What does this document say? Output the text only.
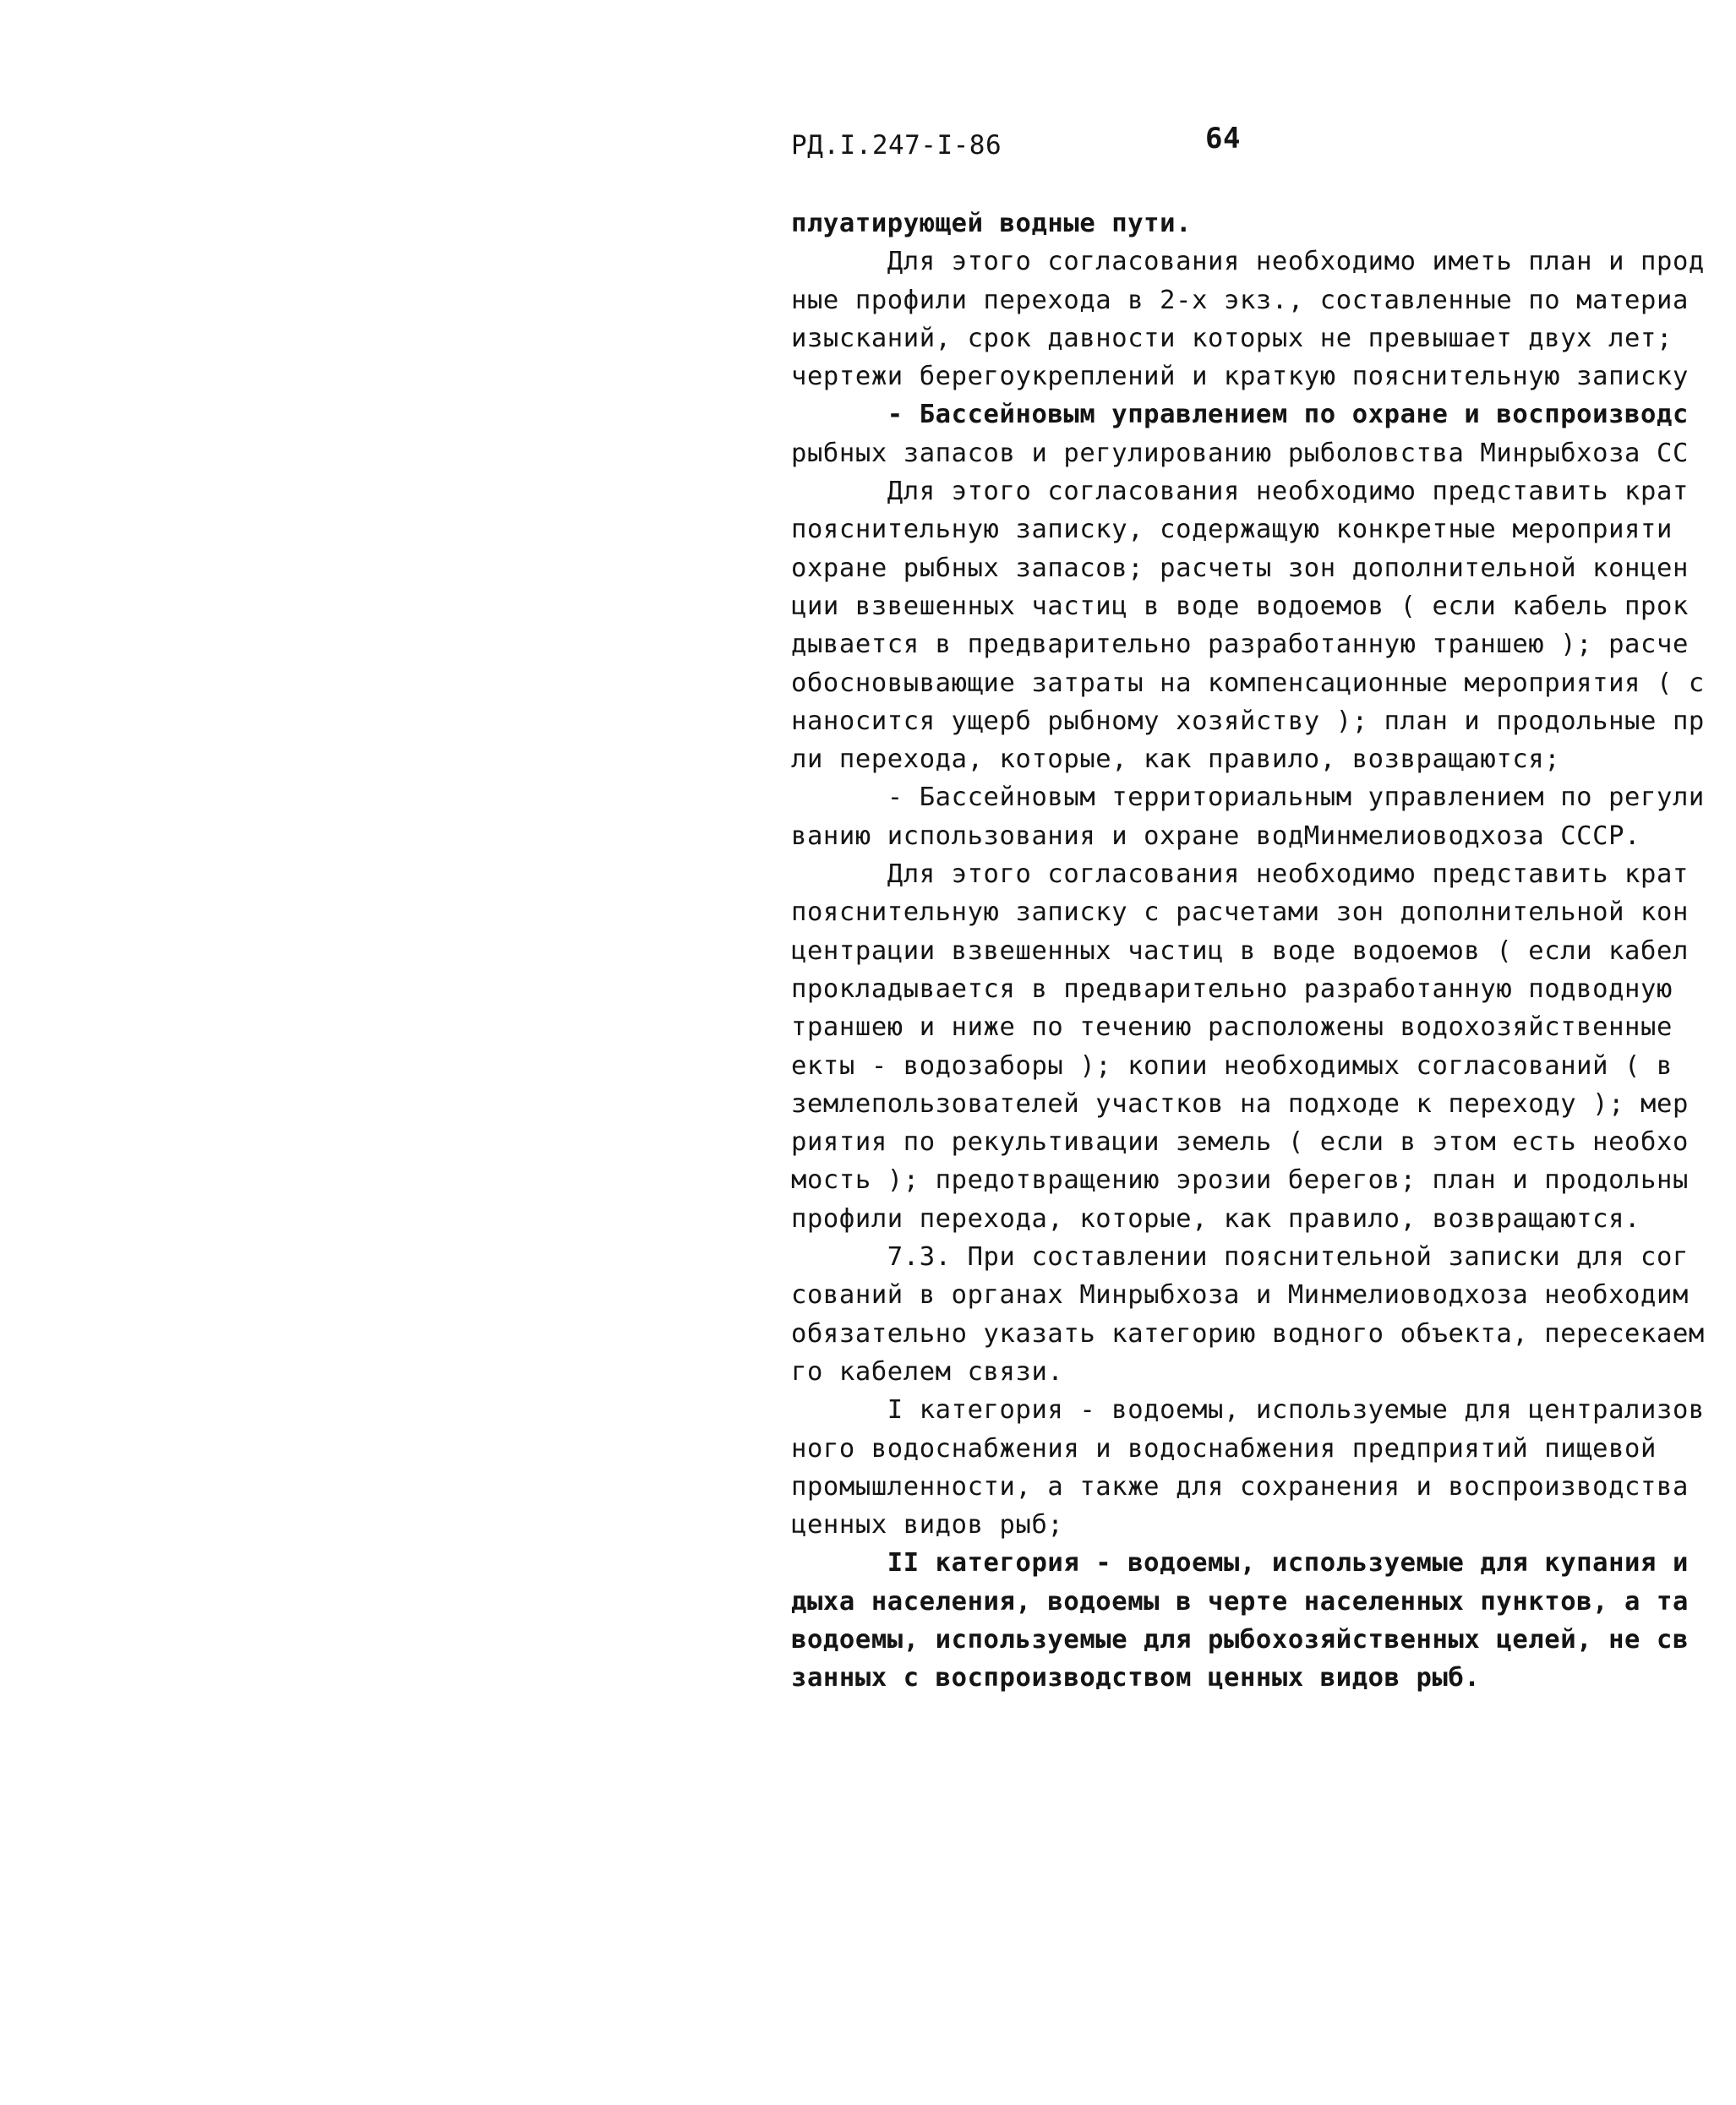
РД.I.247-I-86	64
плуатирующей водные пути.
Для этого согласования необходимо иметь план и прод
ные профили перехода в 2-х экз., составленные по материа
изысканий, срок давности которых не превышает двух лет;
чертежи берегоукреплений и краткую пояснительную записку
- Бассейновым управлением по охране и воспроизводс
рыбных запасов и регулированию рыболовства Минрыбхоза СС
Для этого согласования необходимо представить крат
пояснительную записку, содержащую конкретные мероприяти
охране рыбных запасов; расчеты зон дополнительной концен
ции взвешенных частиц в воде водоемов ( если кабель прок
дывается в предварительно разработанную траншею ); расче
обосновывающие затраты на компенсационные мероприятия ( с
наносится ущерб рыбному хозяйству ); план и продольные пр
ли перехода, которые, как правило, возвращаются;
- Бассейновым территориальным управлением по регули
ванию использования и охране водМинмелиоводхоза СССР.
Для этого согласования необходимо представить крат
пояснительную записку с расчетами зон дополнительной кон
центрации взвешенных частиц в воде водоемов ( если кабел
прокладывается в предварительно разработанную подводную
траншею и ниже по течению расположены водохозяйственные
екты - водозаборы ); копии необходимых согласований ( в
землепользователей участков на подходе к переходу ); мер
риятия по рекультивации земель ( если в этом есть необхо
мость ); предотвращению эрозии берегов; план и продольны
профили перехода, которые, как правило, возвращаются.
7.3. При составлении пояснительной записки для сог
сований в органах Минрыбхоза и Минмелиоводхоза необходим
обязательно указать категорию водного объекта, пересекаем
го кабелем связи.
I категория - водоемы, используемые для централизов
ного водоснабжения и водоснабжения предприятий пищевой
промышленности, а также для сохранения и воспроизводства
ценных видов рыб;
II категория - водоемы, используемые для купания и
дыха населения, водоемы в черте населенных пунктов, а та
водоемы, используемые для рыбохозяйственных целей, не св
занных с воспроизводством ценных видов рыб.
